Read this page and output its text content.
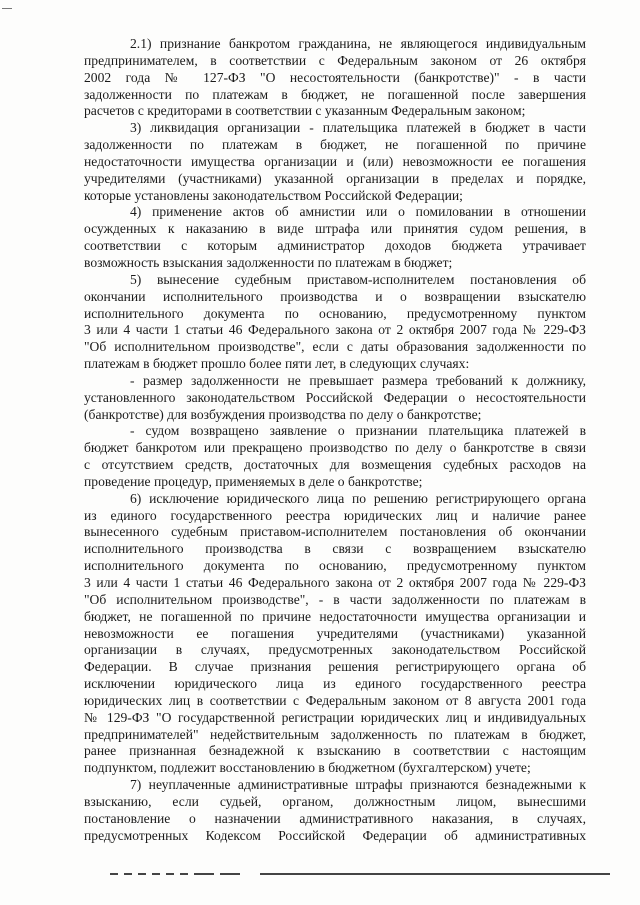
2.1) признание банкротом гражданина, не являющегося индивидуальным
предпринимателем, в соответствии с Федеральным законом от 26 октября
2002 года № 127-ФЗ "О несостоятельности (банкротстве)" - в части
задолженности по платежам в бюджет, не погашенной после завершения
расчетов с кредиторами в соответствии с указанным Федеральным законом;
3) ликвидация организации - плательщика платежей в бюджет в части
задолженности по платежам в бюджет, не погашенной по причине
недостаточности имущества организации и (или) невозможности ее погашения
учредителями (участниками) указанной организации в пределах и порядке,
которые установлены законодательством Российской Федерации;
4) применение актов об амнистии или о помиловании в отношении
осужденных к наказанию в виде штрафа или принятия судом решения, в
соответствии с которым администратор доходов бюджета утрачивает
возможность взыскания задолженности по платежам в бюджет;
5) вынесение судебным приставом-исполнителем постановления об
окончании исполнительного производства и о возвращении взыскателю
исполнительного документа по основанию, предусмотренному пунктом
3 или 4 части 1 статьи 46 Федерального закона от 2 октября 2007 года № 229-ФЗ
"Об исполнительном производстве", если с даты образования задолженности по
платежам в бюджет прошло более пяти лет, в следующих случаях:
- размер задолженности не превышает размера требований к должнику,
установленного законодательством Российской Федерации о несостоятельности
(банкротстве) для возбуждения производства по делу о банкротстве;
- судом возвращено заявление о признании плательщика платежей в
бюджет банкротом или прекращено производство по делу о банкротстве в связи
с отсутствием средств, достаточных для возмещения судебных расходов на
проведение процедур, применяемых в деле о банкротстве;
6) исключение юридического лица по решению регистрирующего органа
из единого государственного реестра юридических лиц и наличие ранее
вынесенного судебным приставом-исполнителем постановления об окончании
исполнительного производства в связи с возвращением взыскателю
исполнительного документа по основанию, предусмотренному пунктом
3 или 4 части 1 статьи 46 Федерального закона от 2 октября 2007 года № 229-ФЗ
"Об исполнительном производстве", - в части задолженности по платежам в
бюджет, не погашенной по причине недостаточности имущества организации и
невозможности ее погашения учредителями (участниками) указанной
организации в случаях, предусмотренных законодательством Российской
Федерации. В случае признания решения регистрирующего органа об
исключении юридического лица из единого государственного реестра
юридических лиц в соответствии с Федеральным законом от 8 августа 2001 года
№ 129-ФЗ "О государственной регистрации юридических лиц и индивидуальных
предпринимателей" недействительным задолженность по платежам в бюджет,
ранее признанная безнадежной к взысканию в соответствии с настоящим
подпунктом, подлежит восстановлению в бюджетном (бухгалтерском) учете;
7) неуплаченные административные штрафы признаются безнадежными к
взысканию, если судьей, органом, должностным лицом, вынесшими
постановление о назначении административного наказания, в случаях,
предусмотренных Кодексом Российской Федерации об административных
